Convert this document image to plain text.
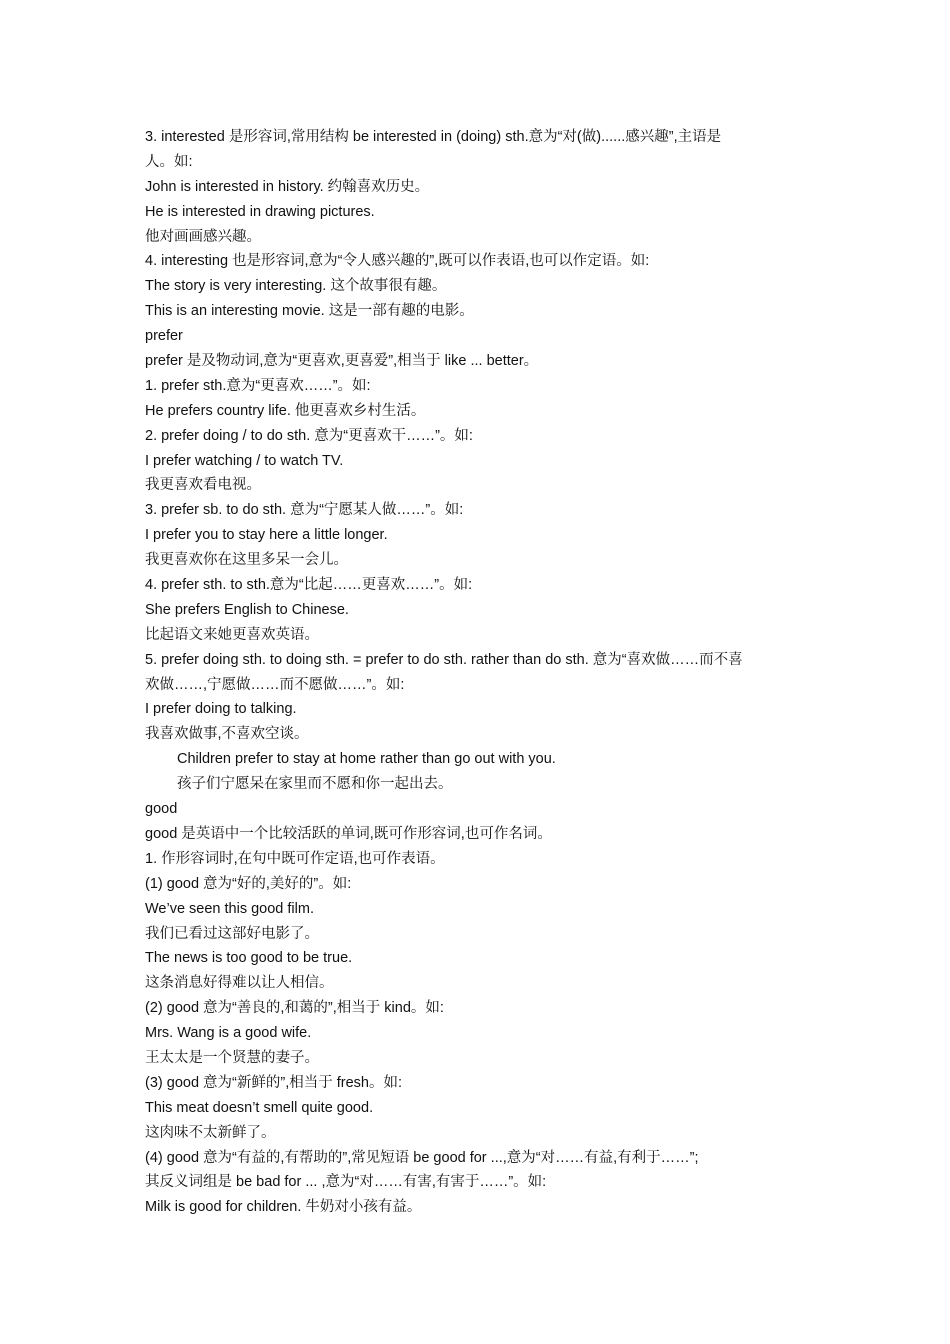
3. interested 是形容词,常用结构 be interested in (doing) sth.意为“对(做)......感兴趣”,主语是
人。如:
John is interested in history. 约翰喜欢历史。
He is interested in drawing pictures.
他对画画感兴趣。
4. interesting 也是形容词,意为“令人感兴趣的”,既可以作表语,也可以作定语。如:
The story is very interesting. 这个故事很有趣。
This is an interesting movie. 这是一部有趣的电影。
prefer
prefer 是及物动词,意为“更喜欢,更喜爱”,相当于 like ... better。
1. prefer sth.意为“更喜欢……”。如:
He prefers country life. 他更喜欢乡村生活。
2. prefer doing / to do sth. 意为“更喜欢干……”。如:
I prefer watching / to watch TV.
我更喜欢看电视。
3. prefer sb. to do sth. 意为“宁愿某人做……”。如:
I prefer you to stay here a little longer.
我更喜欢你在这里多呆一会儿。
4. prefer sth. to sth.意为“比起……更喜欢……”。如:
She prefers English to Chinese.
比起语文来她更喜欢英语。
5. prefer doing sth. to doing sth. = prefer to do sth. rather than do sth. 意为“喜欢做……而不喜
欢做……,宁愿做……而不愿做……”。如:
I prefer doing to talking.
我喜欢做事,不喜欢空谈。
Children prefer to stay at home rather than go out with you.
孩子们宁愿呆在家里而不愿和你一起出去。
good
good 是英语中一个比较活跃的单词,既可作形容词,也可作名词。
1. 作形容词时,在句中既可作定语,也可作表语。
(1) good 意为“好的,美好的”。如:
We’ve seen this good film.
我们已看过这部好电影了。
The news is too good to be true.
这条消息好得难以让人相信。
(2) good 意为“善良的,和蔼的”,相当于 kind。如:
Mrs. Wang is a good wife.
王太太是一个贤慧的妻子。
(3) good 意为“新鲜的”,相当于 fresh。如:
This meat doesn’t smell quite good.
这肉味不太新鲜了。
(4) good 意为“有益的,有帮助的”,常见短语 be good for ...,意为“对……有益,有利于……”;
其反义词组是 be bad for ... ,意为“对……有害,有害于……”。如:
Milk is good for children. 牛奶对小孩有益。
